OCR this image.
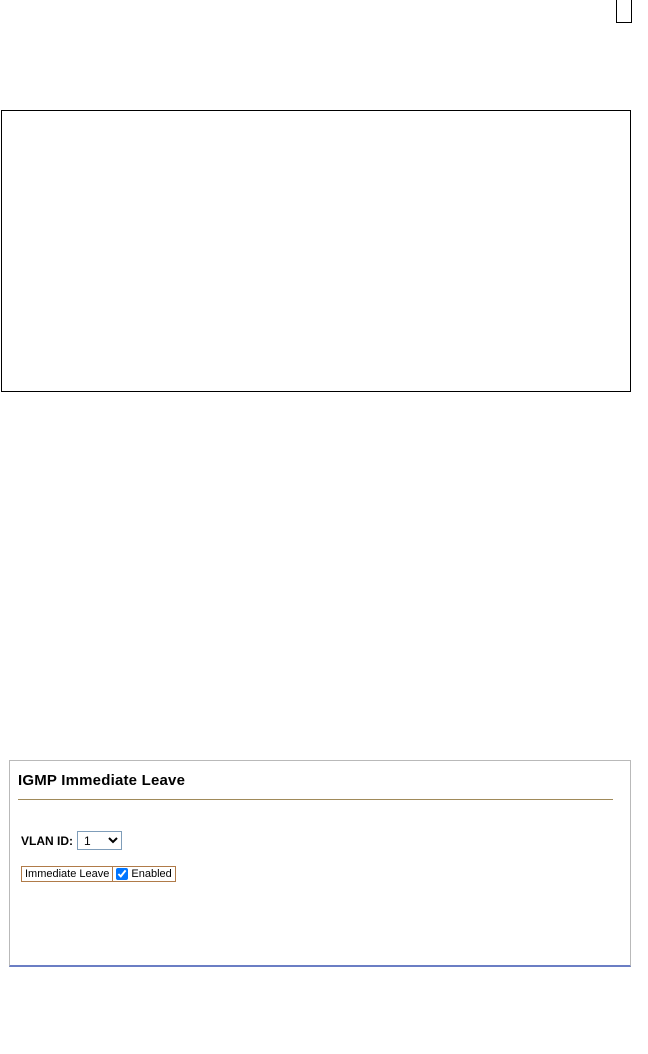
IGMP Immediate Leave
VLAN ID:
1
Immediate Leave	Enabled
